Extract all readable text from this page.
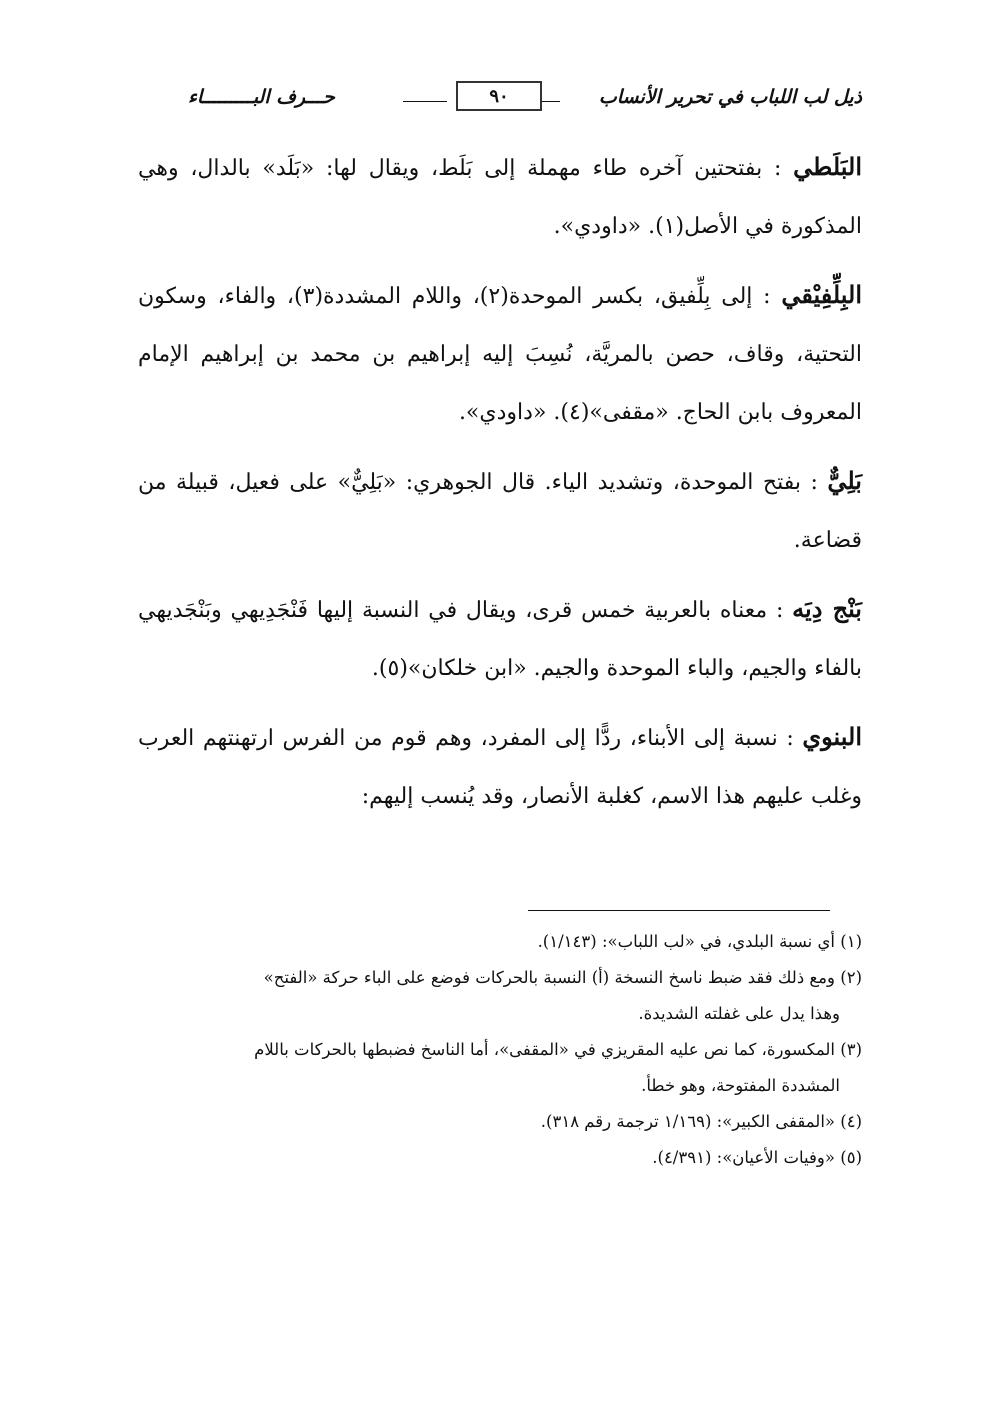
ذيل لب اللباب في تحرير الأنساب
٩٠
حـــرف البـــــــــاء

البَلَطي : بفتحتين آخره طاء مهملة إلى بَلَط، ويقال لها: «بَلَد» بالدال، وهي المذكورة في الأصل(١). «داودي».

البِلِّفِيْقي : إلى بِلِّفيق، بكسر الموحدة(٢)، واللام المشددة(٣)، والفاء، وسكون التحتية، وقاف، حصن بالمريَّة، نُسِبَ إليه إبراهيم بن محمد بن إبراهيم الإمام المعروف بابن الحاج. «مقفى»(٤). «داودي».

بَلِيٌّ : بفتح الموحدة، وتشديد الياء. قال الجوهري: «بَلِيٌّ» على فعيل، قبيلة من قضاعة.

بَنْج دِيَه : معناه بالعربية خمس قرى، ويقال في النسبة إليها فَنْجَدِيهي وبَنْجَديهي بالفاء والجيم، والباء الموحدة والجيم. «ابن خلكان»(٥).

البنوي : نسبة إلى الأبناء، ردًّا إلى المفرد، وهم قوم من الفرس ارتهنتهم العرب وغلب عليهم هذا الاسم، كغلبة الأنصار، وقد يُنسب إليهم:

(١) أي نسبة البلدي، في «لب اللباب»: (١/١٤٣).
(٢) ومع ذلك فقد ضبط ناسخ النسخة (أ) النسبة بالحركات فوضع على الباء حركة «الفتح»
وهذا يدل على غفلته الشديدة.
(٣) المكسورة، كما نص عليه المقريزي في «المقفى»، أما الناسخ فضبطها بالحركات باللام
المشددة المفتوحة، وهو خطأ.
(٤) «المقفى الكبير»: (١/١٦٩ ترجمة رقم ٣١٨).
(٥) «وفيات الأعيان»: (٤/٣٩١).
